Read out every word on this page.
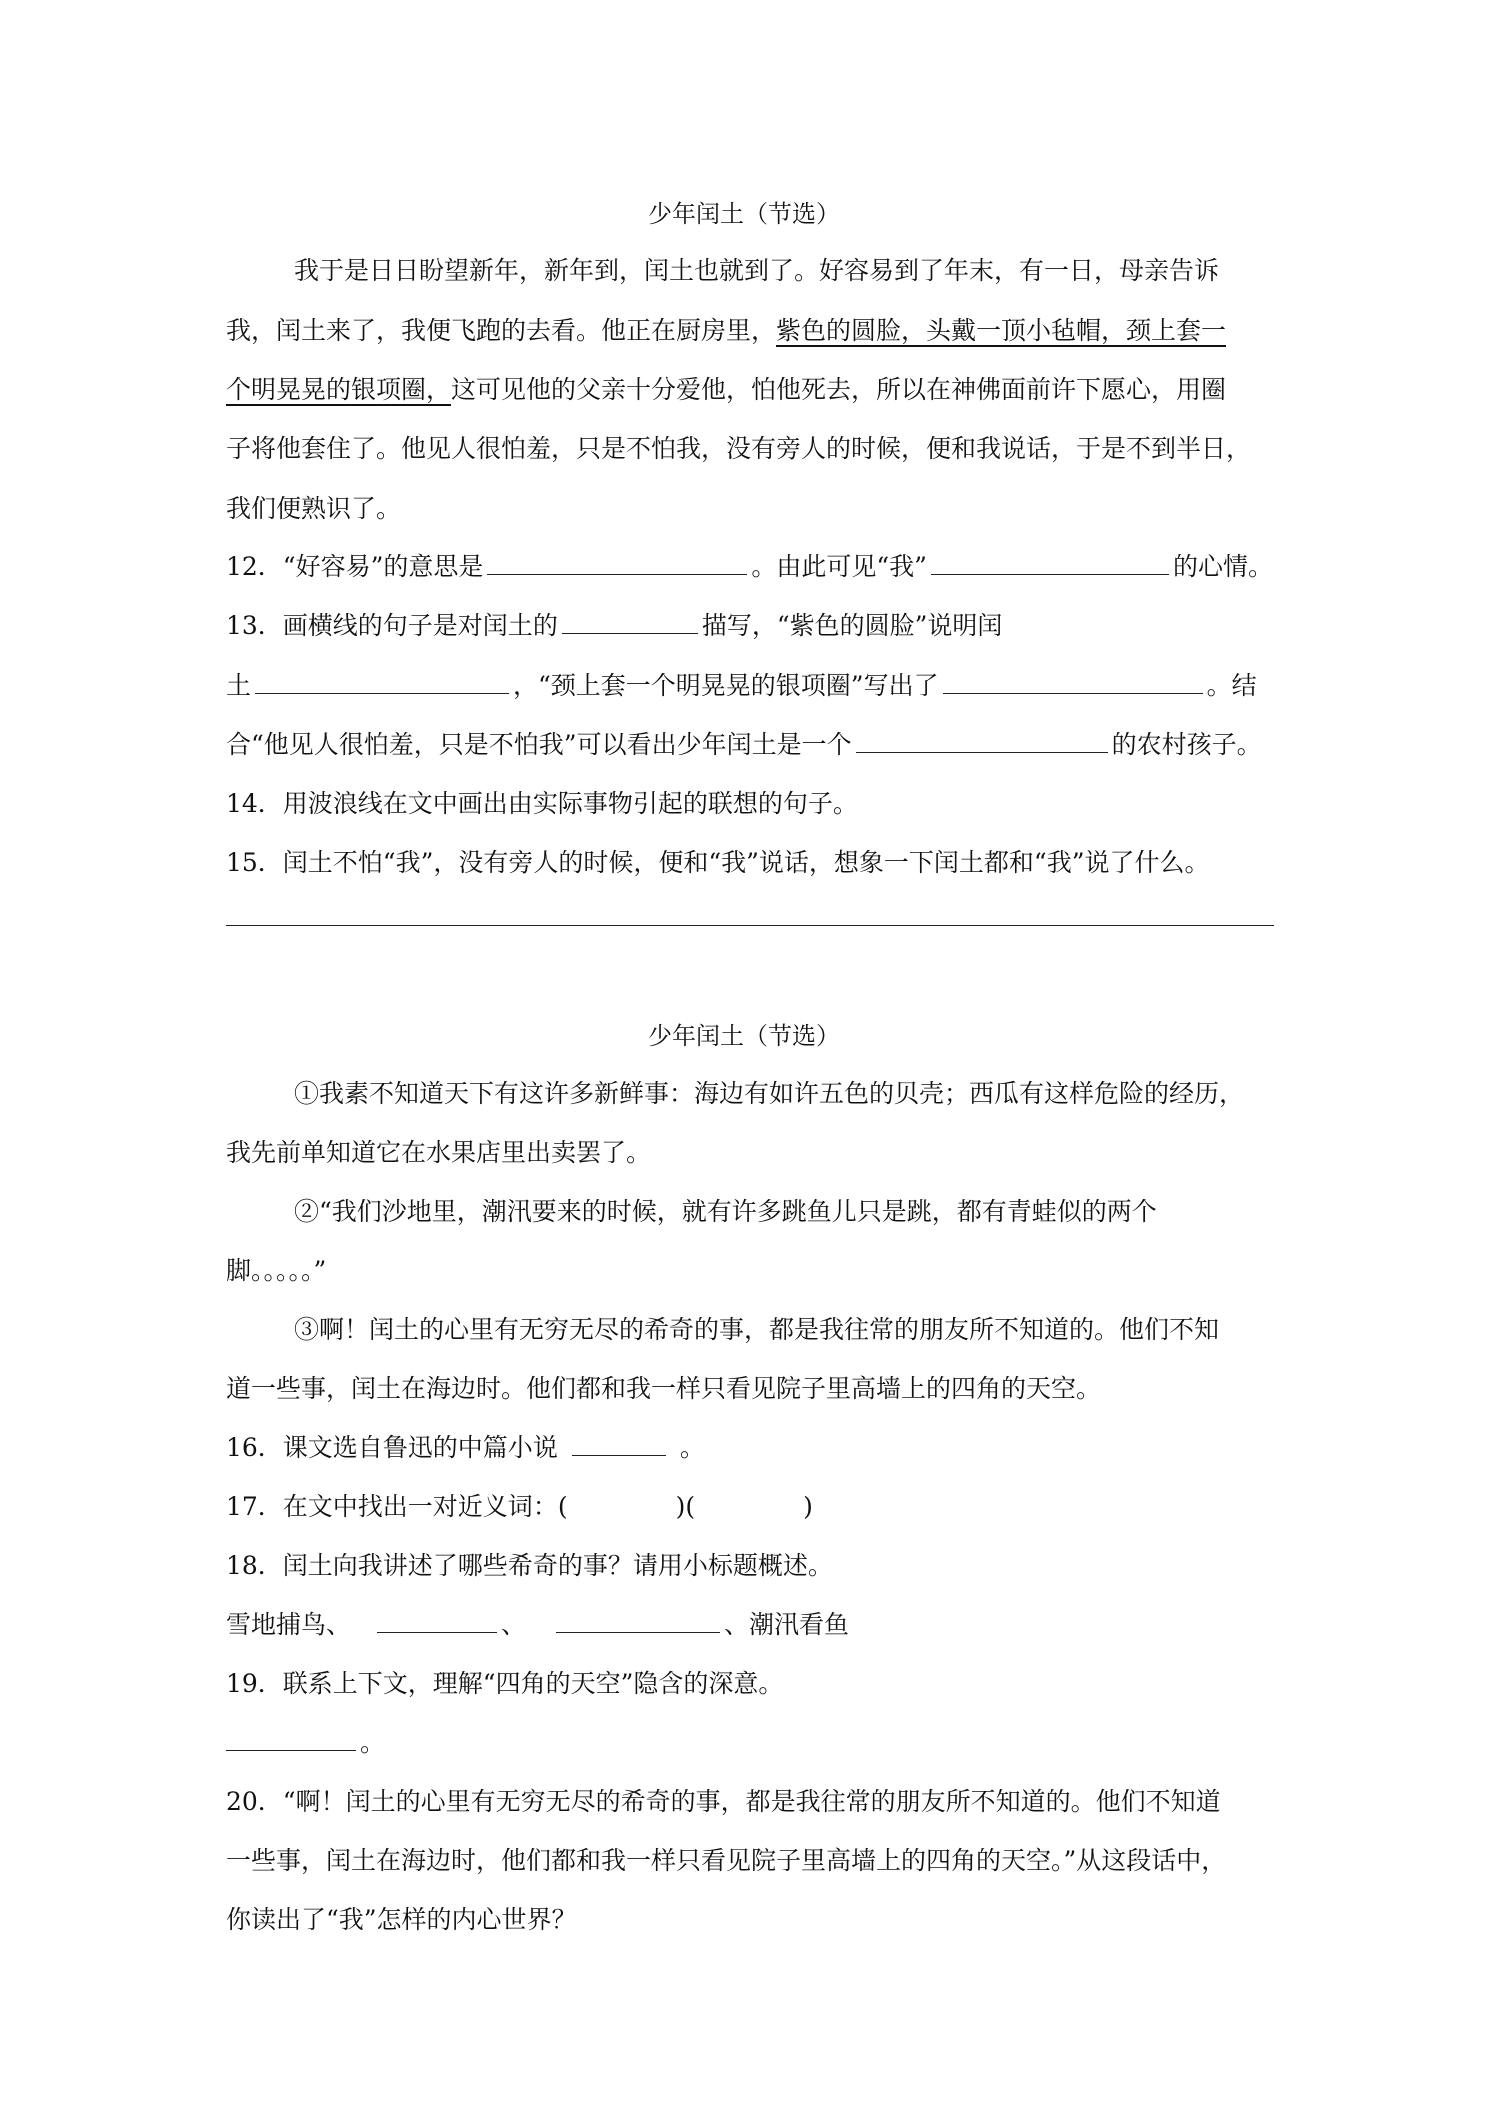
少年闰土（节选）
我于是日日盼望新年，新年到，闰土也就到了。好容易到了年末，有一日，母亲告诉
我，闰土来了，我便飞跑的去看。他正在厨房里，紫色的圆脸，头戴一顶小毡帽，颈上套一
个明晃晃的银项圈，这可见他的父亲十分爱他，怕他死去，所以在神佛面前许下愿心，用圈
子将他套住了。他见人很怕羞，只是不怕我，没有旁人的时候，便和我说话，于是不到半日，
我们便熟识了。
12．“好容易”的意思是	。由此可见“我”	的心情。
13．画横线的句子是对闰土的	描写，“紫色的圆脸”说明闰
土	，“颈上套一个明晃晃的银项圈”写出了	。结
合“他见人很怕羞，只是不怕我”可以看出少年闰土是一个	的农村孩子。
14．用波浪线在文中画出由实际事物引起的联想的句子。
15．闰土不怕“我”，没有旁人的时候，便和“我”说话，想象一下闰土都和“我”说了什么。
少年闰土（节选）
①我素不知道天下有这许多新鲜事：海边有如许五色的贝壳；西瓜有这样危险的经历，
我先前单知道它在水果店里出卖罢了。
②“我们沙地里，潮汛要来的时候，就有许多跳鱼儿只是跳，都有青蛙似的两个
脚。。。。。”
③啊！闰土的心里有无穷无尽的希奇的事，都是我往常的朋友所不知道的。他们不知
道一些事，闰土在海边时。他们都和我一样只看见院子里高墙上的四角的天空。
16．课文选自鲁迅的中篇小说	。
17．在文中找出一对近义词：(	)(	)
18．闰土向我讲述了哪些希奇的事？请用小标题概述。
雪地捕鸟、	、	、潮汛看鱼
19．联系上下文，理解“四角的天空”隐含的深意。
。
20．“啊！闰土的心里有无穷无尽的希奇的事，都是我往常的朋友所不知道的。他们不知道
一些事，闰土在海边时，他们都和我一样只看见院子里高墙上的四角的天空。”从这段话中，
你读出了“我”怎样的内心世界？
